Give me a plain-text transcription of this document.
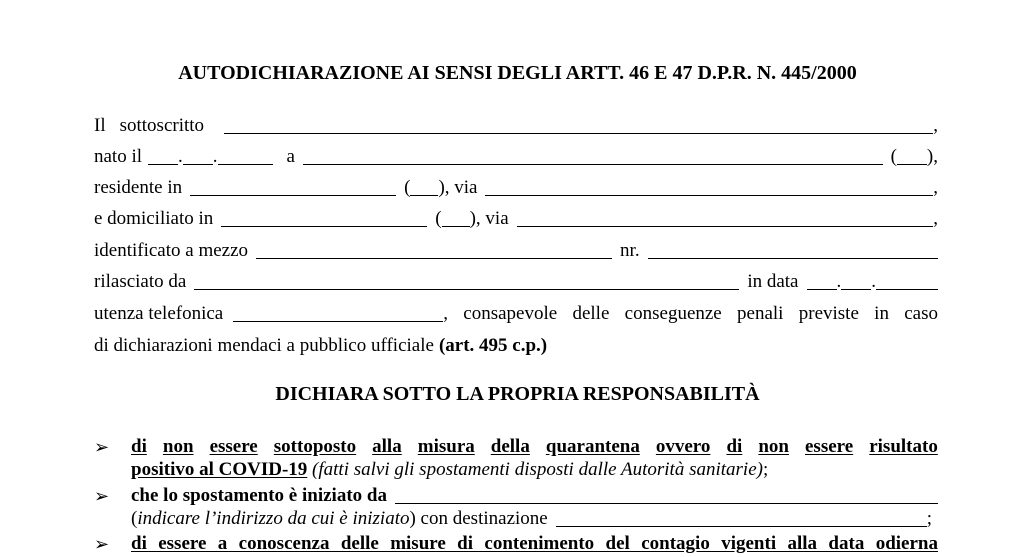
AUTODICHIARAZIONE AI SENSI DEGLI ARTT. 46 E 47 D.P.R. N. 445/2000
Il sottoscritto	,
nato il . .	a	( ),
residente in	( ), via	,
e domiciliato in	( ), via	,
identificato a mezzo	nr.
rilasciato da	in data . .
utenza telefonica	, consapevole delle conseguenze penali previste in caso
di dichiarazioni mendaci a pubblico ufficiale (art. 495 c.p.)
DICHIARA SOTTO LA PROPRIA RESPONSABILITÀ
➢ di non essere sottoposto alla misura della quarantena ovvero di non essere risultato
positivo al COVID-19 (fatti salvi gli spostamenti disposti dalle Autorità sanitarie);
➢ che lo spostamento è iniziato da
( indicare l’indirizzo da cui è iniziato ) con destinazione	;
➢ di essere a conoscenza delle misure di contenimento del contagio vigenti alla data odierna
